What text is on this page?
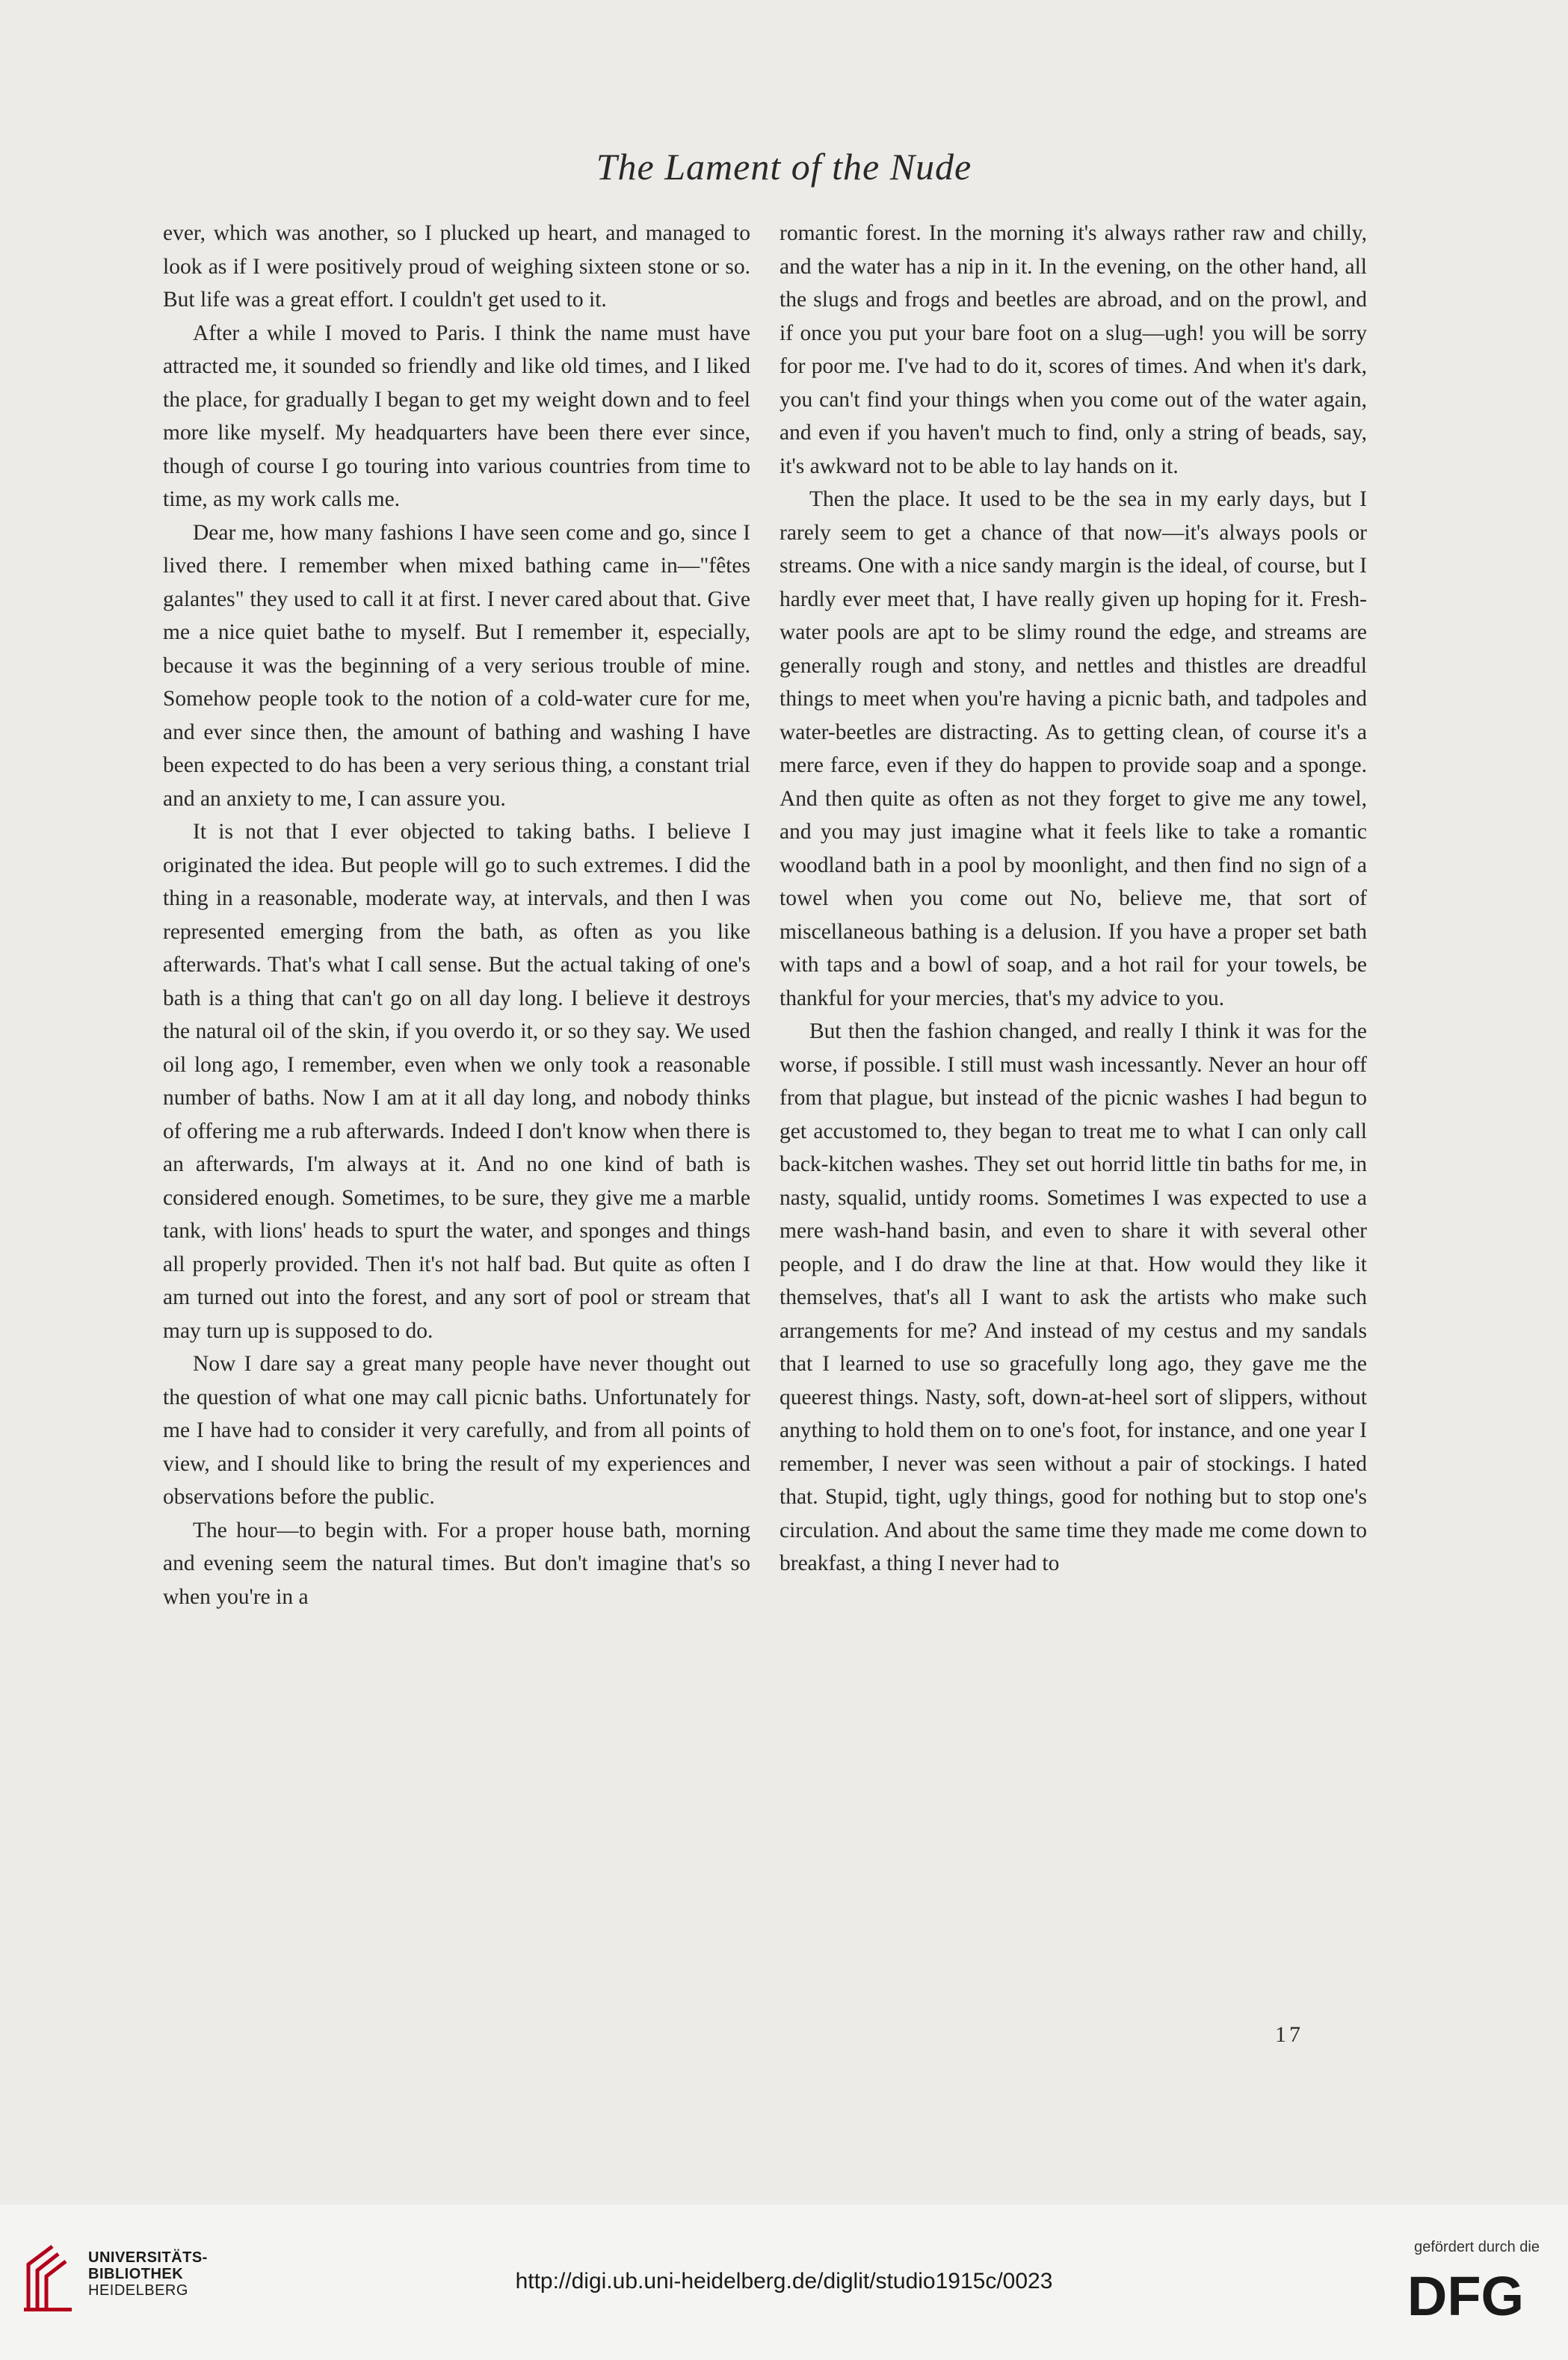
The Lament of the Nude

ever, which was another, so I plucked up heart, and managed to look as if I were positively proud of weighing sixteen stone or so. But life was a great effort. I couldn't get used to it.

After a while I moved to Paris. I think the name must have attracted me, it sounded so friendly and like old times, and I liked the place, for gradually I began to get my weight down and to feel more like myself. My headquarters have been there ever since, though of course I go touring into various countries from time to time, as my work calls me.

Dear me, how many fashions I have seen come and go, since I lived there. I remember when mixed bathing came in—"fêtes galantes" they used to call it at first. I never cared about that. Give me a nice quiet bathe to myself. But I remember it, especially, because it was the beginning of a very serious trouble of mine. Somehow people took to the notion of a cold-water cure for me, and ever since then, the amount of bathing and washing I have been expected to do has been a very serious thing, a constant trial and an anxiety to me, I can assure you.

It is not that I ever objected to taking baths. I believe I originated the idea. But people will go to such extremes. I did the thing in a reasonable, moderate way, at intervals, and then I was represented emerging from the bath, as often as you like afterwards. That's what I call sense. But the actual taking of one's bath is a thing that can't go on all day long. I believe it destroys the natural oil of the skin, if you overdo it, or so they say. We used oil long ago, I remember, even when we only took a reasonable number of baths. Now I am at it all day long, and nobody thinks of offering me a rub afterwards. Indeed I don't know when there is an afterwards, I'm always at it. And no one kind of bath is considered enough. Sometimes, to be sure, they give me a marble tank, with lions' heads to spurt the water, and sponges and things all properly provided. Then it's not half bad. But quite as often I am turned out into the forest, and any sort of pool or stream that may turn up is supposed to do.

Now I dare say a great many people have never thought out the question of what one may call picnic baths. Unfortunately for me I have had to consider it very carefully, and from all points of view, and I should like to bring the result of my experiences and observations before the public.

The hour—to begin with. For a proper house bath, morning and evening seem the natural times. But don't imagine that's so when you're in a

romantic forest. In the morning it's always rather raw and chilly, and the water has a nip in it. In the evening, on the other hand, all the slugs and frogs and beetles are abroad, and on the prowl, and if once you put your bare foot on a slug—ugh! you will be sorry for poor me. I've had to do it, scores of times. And when it's dark, you can't find your things when you come out of the water again, and even if you haven't much to find, only a string of beads, say, it's awkward not to be able to lay hands on it.

Then the place. It used to be the sea in my early days, but I rarely seem to get a chance of that now—it's always pools or streams. One with a nice sandy margin is the ideal, of course, but I hardly ever meet that, I have really given up hoping for it. Fresh-water pools are apt to be slimy round the edge, and streams are generally rough and stony, and nettles and thistles are dreadful things to meet when you're having a picnic bath, and tadpoles and water-beetles are distracting. As to getting clean, of course it's a mere farce, even if they do happen to provide soap and a sponge. And then quite as often as not they forget to give me any towel, and you may just imagine what it feels like to take a romantic woodland bath in a pool by moonlight, and then find no sign of a towel when you come out No, believe me, that sort of miscellaneous bathing is a delusion. If you have a proper set bath with taps and a bowl of soap, and a hot rail for your towels, be thankful for your mercies, that's my advice to you.

But then the fashion changed, and really I think it was for the worse, if possible. I still must wash incessantly. Never an hour off from that plague, but instead of the picnic washes I had begun to get accustomed to, they began to treat me to what I can only call back-kitchen washes. They set out horrid little tin baths for me, in nasty, squalid, untidy rooms. Sometimes I was expected to use a mere wash-hand basin, and even to share it with several other people, and I do draw the line at that. How would they like it themselves, that's all I want to ask the artists who make such arrangements for me? And instead of my cestus and my sandals that I learned to use so gracefully long ago, they gave me the queerest things. Nasty, soft, down-at-heel sort of slippers, without anything to hold them on to one's foot, for instance, and one year I remember, I never was seen without a pair of stockings. I hated that. Stupid, tight, ugly things, good for nothing but to stop one's circulation. And about the same time they made me come down to breakfast, a thing I never had to

17
UNIVERSITÄTS-
BIBLIOTHEK
HEIDELBERG	http://digi.ub.uni-heidelberg.de/diglit/studio1915c/0023
gefördert durch die
DFG
